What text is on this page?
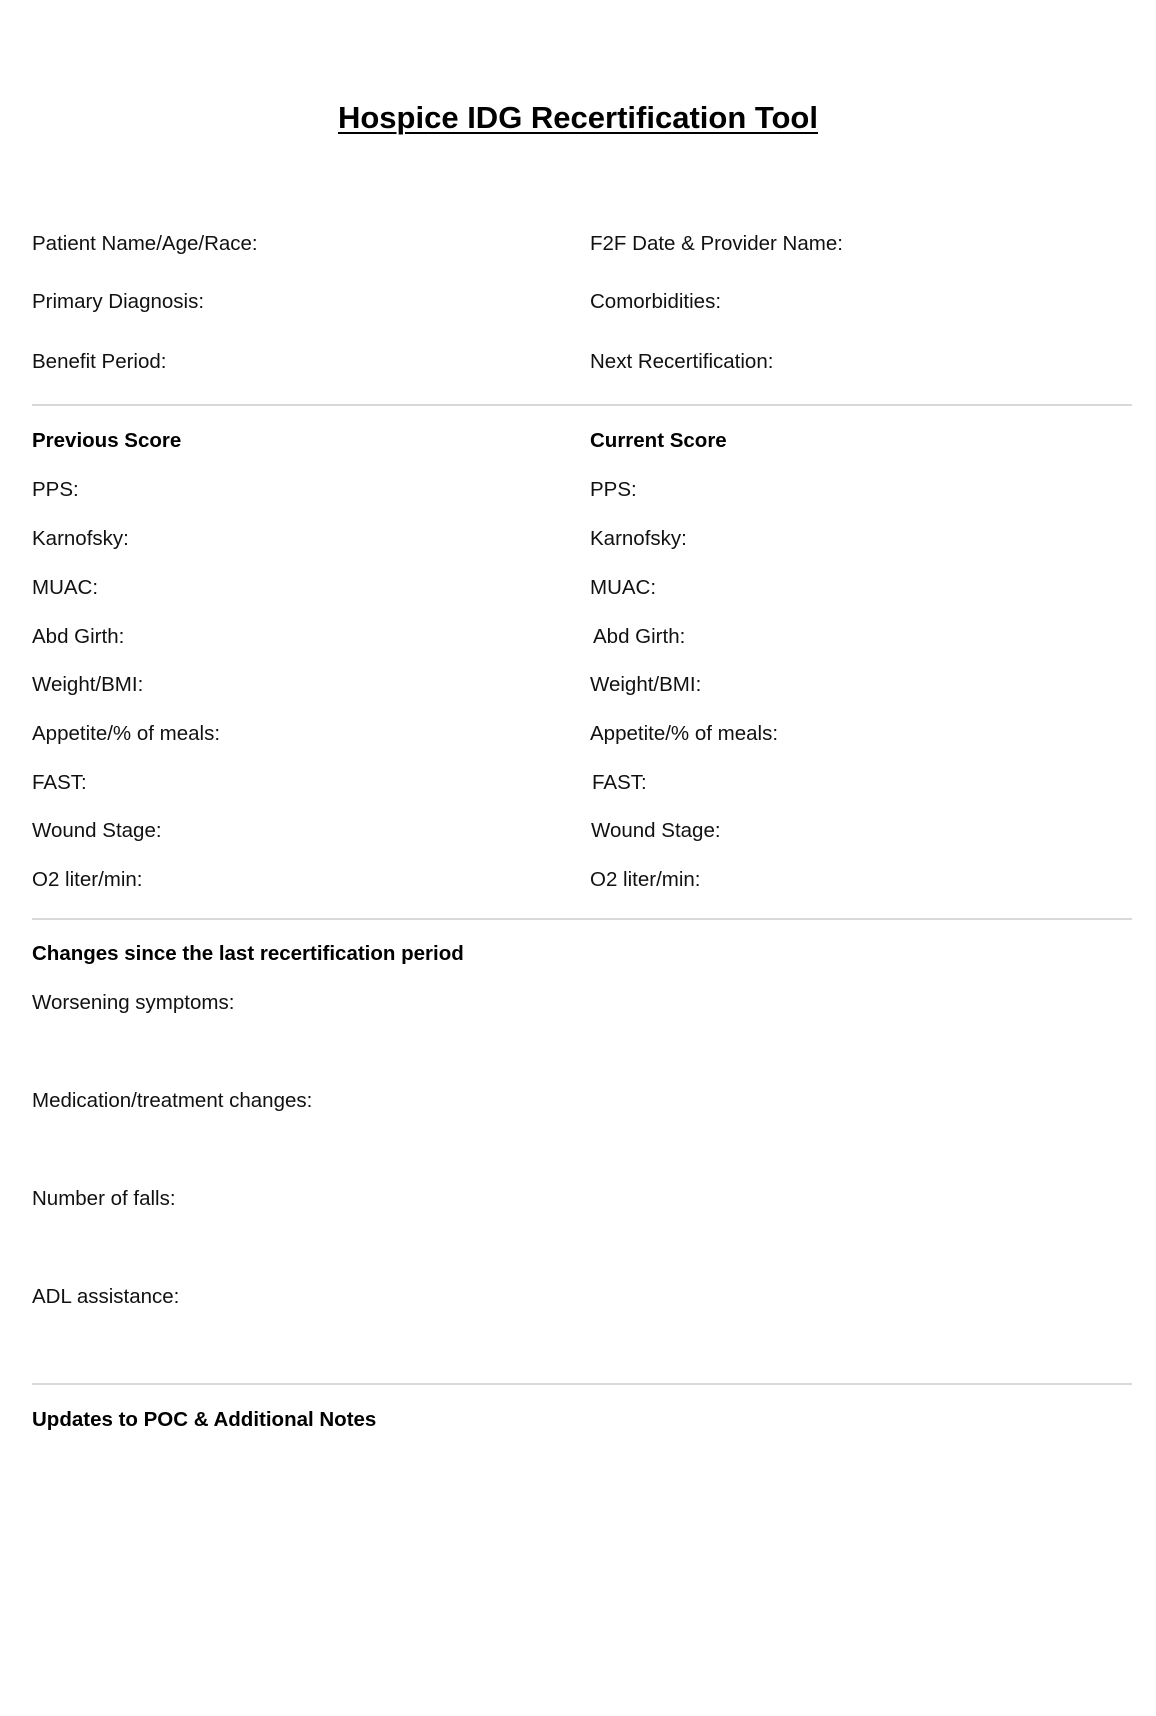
Hospice IDG Recertification Tool
Patient Name/Age/Race:
Primary Diagnosis:
Benefit Period:
F2F Date & Provider Name:
Comorbidities:
Next Recertification:
Previous Score	Current Score
PPS:
Karnofsky:
MUAC:
Abd Girth:
Weight/BMI:
Appetite/% of meals:
FAST:
Wound Stage:
O2 liter/min:
PPS:
Karnofsky:
MUAC:
Abd Girth:
Weight/BMI:
Appetite/% of meals:
FAST:
Wound Stage:
O2 liter/min:
Changes since the last recertification period
Worsening symptoms:
Medication/treatment changes:
Number of falls:
ADL assistance:
Updates to POC & Additional Notes
